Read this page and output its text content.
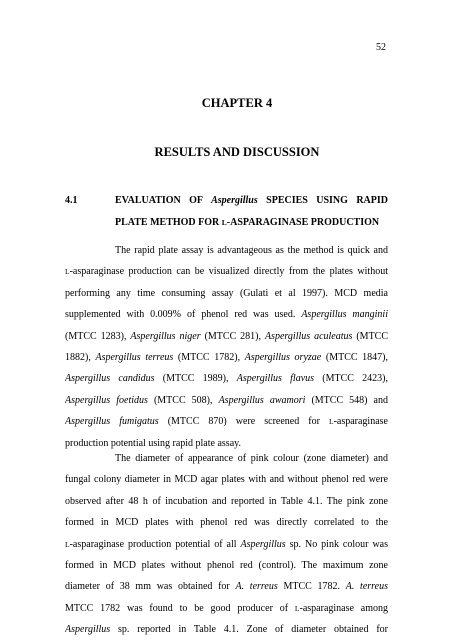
52
CHAPTER 4
RESULTS AND DISCUSSION
4.1	EVALUATION OF Aspergillus SPECIES USING RAPID
PLATE METHOD FOR L-ASPARAGINASE PRODUCTION
The rapid plate assay is advantageous as the method is quick and
L-asparaginase production can be visualized directly from the plates without
performing any time consuming assay (Gulati et al 1997). MCD media
supplemented with 0.009% of phenol red was used. Aspergillus manginii
(MTCC 1283), Aspergillus niger (MTCC 281), Aspergillus aculeatus (MTCC
1882), Aspergillus terreus (MTCC 1782), Aspergillus oryzae (MTCC 1847),
Aspergillus candidus (MTCC 1989), Aspergillus flavus (MTCC 2423),
Aspergillus foetidus (MTCC 508), Aspergillus awamori (MTCC 548) and
Aspergillus fumigatus (MTCC 870) were screened for L-asparaginase
production potential using rapid plate assay.
The diameter of appearance of pink colour (zone diameter) and
fungal colony diameter in MCD agar plates with and without phenol red were
observed after 48 h of incubation and reported in Table 4.1. The pink zone
formed in MCD plates with phenol red was directly correlated to the
L-asparaginase production potential of all Aspergillus sp. No pink colour was
formed in MCD plates without phenol red (control). The maximum zone
diameter of 38 mm was obtained for A. terreus MTCC 1782. A. terreus
MTCC 1782 was found to be good producer of L-asparaginase among
Aspergillus sp. reported in Table 4.1. Zone of diameter obtained for
